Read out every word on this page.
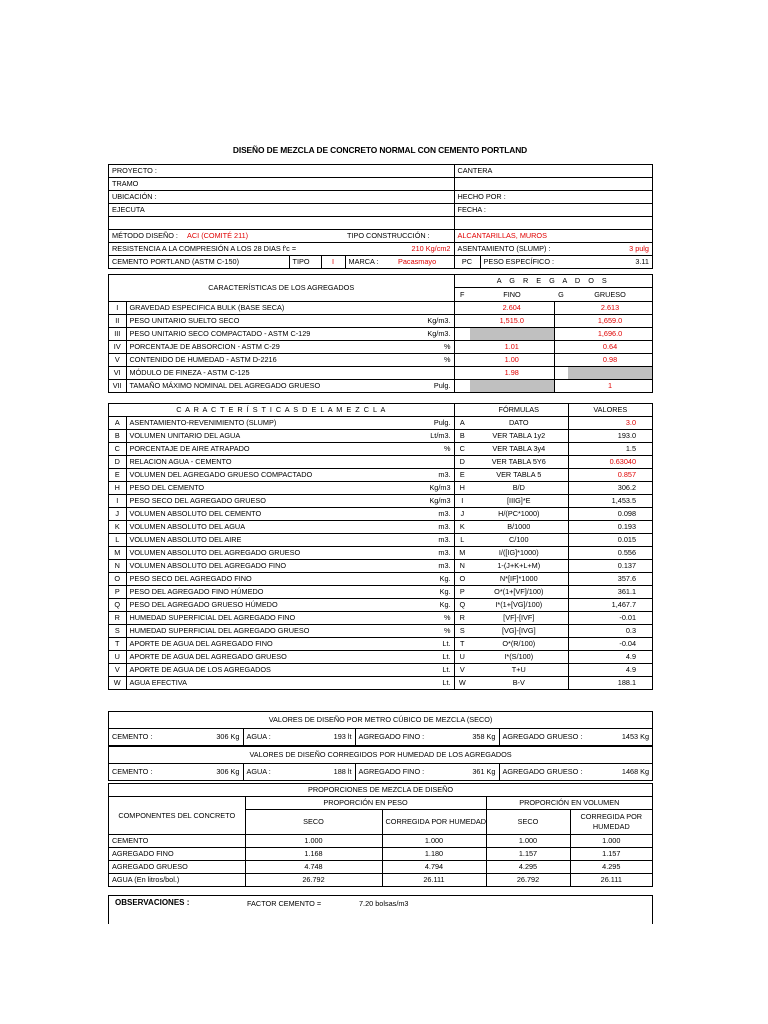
DISEÑO DE MEZCLA DE CONCRETO NORMAL CON CEMENTO PORTLAND
PROYECTO :	CANTERA
TRAMO	
UBICACIÓN :	HECHO POR :
EJECUTA	FECHA :

MÉTODO DISEÑO :	ACI (COMITÉ 211)	TIPO CONSTRUCCIÓN :	ALCANTARILLAS, MUROS
RESISTENCIA A LA COMPRESIÓN A LOS 28 DIAS f'c =	210 Kg/cm2	ASENTAMIENTO (SLUMP) :	3 pulg
CEMENTO PORTLAND (ASTM C-150)	TIPO	I	MARCA :	Pacasmayo	PC	PESO ESPECÍFICO :	3.11
CARACTERÍSTICAS DE LOS AGREGADOS			A G R E G A D O S			
			F	FINO	G	GRUESO
I	GRAVEDAD ESPECIFICA BULK (BASE SECA)			2.604		2.613
II	PESO UNITARIO SUELTO SECO	Kg/m3.		1,515.0		1,659.0
III	PESO UNITARIO SECO COMPACTADO - ASTM C-129	Kg/m3.				1,696.0
IV	PORCENTAJE DE ABSORCION - ASTM C-29	%		1.01		0.64
V	CONTENIDO DE HUMEDAD - ASTM D-2216	%		1.00		0.98
VI	MÓDULO DE FINEZA - ASTM C-125			1.98		
VII	TAMAÑO MÁXIMO NOMINAL DEL AGREGADO GRUESO	Pulg.				1
C A R A C T E R Í S T I C A S D E L A M E Z C L A				FÓRMULAS	VALORES
A	ASENTAMIENTO-REVENIMIENTO (SLUMP)	Pulg.	A	DATO	3.0
B	VOLUMEN UNITARIO DEL AGUA	Lt/m3.	B	VER TABLA 1y2	193.0
C	PORCENTAJE DE AIRE ATRAPADO	%	C	VER TABLA 3y4	1.5
D	RELACION AGUA - CEMENTO		D	VER TABLA 5Y6	0.63040
E	VOLUMEN DEL AGREGADO GRUESO COMPACTADO	m3.	E	VER TABLA 5	0.857
H	PESO DEL CEMENTO	Kg/m3	H	B/D	306.2
I	PESO SECO DEL AGREGADO GRUESO	Kg/m3	I	[IIIG]*E	1,453.5
J	VOLUMEN ABSOLUTO DEL CEMENTO	m3.	J	H/(PC*1000)	0.098
K	VOLUMEN ABSOLUTO DEL AGUA	m3.	K	B/1000	0.193
L	VOLUMEN ABSOLUTO DEL AIRE	m3.	L	C/100	0.015
M	VOLUMEN ABSOLUTO DEL AGREGADO GRUESO	m3.	M	I/([IG]*1000)	0.556
N	VOLUMEN ABSOLUTO DEL AGREGADO FINO	m3.	N	1-(J+K+L+M)	0.137
O	PESO SECO DEL AGREGADO FINO	Kg.	O	N*[IF]*1000	357.6
P	PESO DEL AGREGADO FINO HÚMEDO	Kg.	P	O*(1+[VF]/100)	361.1
Q	PESO DEL AGREGADO GRUESO HÚMEDO	Kg.	Q	I*(1+[VG]/100)	1,467.7
R	HUMEDAD SUPERFICIAL DEL AGREGADO FINO	%	R	[VF]-[IVF]	-0.01
S	HUMEDAD SUPERFICIAL DEL AGREGADO GRUESO	%	S	[VG]-[IVG]	0.3
T	APORTE DE AGUA DEL AGREGADO FINO	Lt.	T	O*(R/100)	-0.04
U	APORTE DE AGUA DEL AGREGADO GRUESO	Lt.	U	I*(S/100)	4.9
V	APORTE DE AGUA DE LOS AGREGADOS	Lt.	V	T+U	4.9
W	AGUA EFECTIVA	Lt.	W	B-V	188.1
VALORES DE DISEÑO POR METRO CÚBICO DE MEZCLA (SECO)
CEMENTO :	306 Kg	AGUA :	193 lt	AGREGADO FINO :	358 Kg	AGREGADO GRUESO :	1453 Kg
VALORES DE DISEÑO CORREGIDOS POR HUMEDAD DE LOS AGREGADOS
CEMENTO :	306 Kg	AGUA :	188 lt	AGREGADO FINO :	361 Kg	AGREGADO GRUESO :	1468 Kg
PROPORCIONES DE MEZCLA DE DISEÑO				
COMPONENTES DEL CONCRETO	PROPORCIÓN EN PESO		PROPORCIÓN EN VOLUMEN	
	SECO	CORREGIDA POR HUMEDAD	SECO	CORREGIDA POR
HUMEDAD
CEMENTO	1.000	1.000	1.000	1.000
AGREGADO FINO	1.168	1.180	1.157	1.157
AGREGADO GRUESO	4.748	4.794	4.295	4.295
AGUA (En litros/bol.)	26.792	26.111	26.792	26.111
OBSERVACIONES :	FACTOR CEMENTO =	7.20 bolsas/m3
